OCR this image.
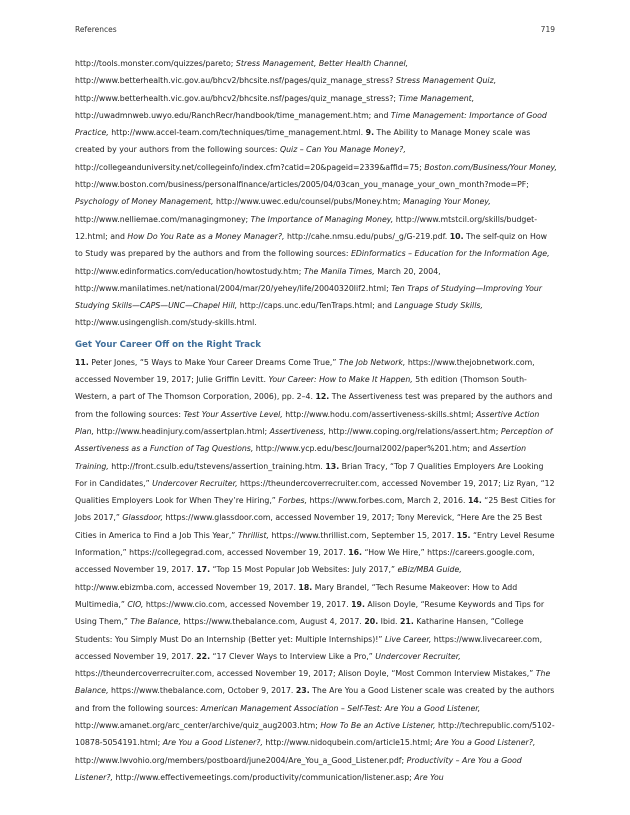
References	719

http://tools.monster.com/quizzes/pareto; Stress Management, Better Health Channel, http://www.betterhealth.vic.gov.au/bhcv2/bhcsite.nsf/pages/quiz_manage_stress? Stress Management Quiz, http://www.betterhealth.vic.gov.au/bhcv2/bhcsite.nsf/pages/quiz_manage_stress?; Time Management, http://uwadmnweb.uwyo.edu/RanchRecr/handbook/time_management.htm; and Time Management: Importance of Good Practice, http://www.accel-team.com/techniques/time_management.html. 9. The Ability to Manage Money scale was created by your authors from the following sources: Quiz – Can You Manage Money?, http://collegeanduniversity.net/collegeinfo/index.cfm?catid=20&pageid=2339&affid=75; Boston.com/Business/Your Money, http://www.boston.com/business/personalfinance/articles/2005/04/03can_you_manage_your_own_month?mode=PF; Psychology of Money Management, http://www.uwec.edu/counsel/pubs/Money.htm; Managing Your Money, http://www.nelliemae.com/managingmoney; The Importance of Managing Money, http://www.mtstcil.org/skills/budget-12.html; and How Do You Rate as a Money Manager?, http://cahe.nmsu.edu/pubs/_g/G-219.pdf. 10. The self-quiz on How to Study was prepared by the authors and from the following sources: EDinformatics – Education for the Information Age, http://www.edinformatics.com/education/howtostudy.htm; The Manila Times, March 20, 2004, http://www.manilatimes.net/national/2004/mar/20/yehey/life/20040320lif2.html; Ten Traps of Studying—Improving Your Studying Skills—CAPS—UNC—Chapel Hill, http://caps.unc.edu/TenTraps.html; and Language Study Skills, http://www.usingenglish.com/study-skills.html.

Get Your Career Off on the Right Track

11. Peter Jones, “5 Ways to Make Your Career Dreams Come True,” The Job Network, https://www.thejobnetwork.com, accessed November 19, 2017; Julie Griffin Levitt. Your Career: How to Make It Happen, 5th edition (Thomson South-Western, a part of The Thomson Corporation, 2006), pp. 2–4. 12. The Assertiveness test was prepared by the authors and from the following sources: Test Your Assertive Level, http://www.hodu.com/assertiveness-skills.shtml; Assertive Action Plan, http://www.headinjury.com/assertplan.html; Assertiveness, http://www.coping.org/relations/assert.htm; Perception of Assertiveness as a Function of Tag Questions, http://www.ycp.edu/besc/Journal2002/paper%201.htm; and Assertion Training, http://front.csulb.edu/tstevens/assertion_training.htm. 13. Brian Tracy, “Top 7 Qualities Employers Are Looking For in Candidates,” Undercover Recruiter, https://theundercoverrecruiter.com, accessed November 19, 2017; Liz Ryan, “12 Qualities Employers Look for When They’re Hiring,” Forbes, https://www.forbes.com, March 2, 2016. 14. “25 Best Cities for Jobs 2017,” Glassdoor, https://www.glassdoor.com, accessed November 19, 2017; Tony Merevick, “Here Are the 25 Best Cities in America to Find a Job This Year,” Thrillist, https://www.thrillist.com, September 15, 2017. 15. “Entry Level Resume Information,” https://collegegrad.com, accessed November 19, 2017. 16. “How We Hire,” https://careers.google.com, accessed November 19, 2017. 17. “Top 15 Most Popular Job Websites: July 2017,” eBiz/MBA Guide, http://www.ebizmba.com, accessed November 19, 2017. 18. Mary Brandel, “Tech Resume Makeover: How to Add Multimedia,” CIO, https://www.cio.com, accessed November 19, 2017. 19. Alison Doyle, “Resume Keywords and Tips for Using Them,” The Balance, https://www.thebalance.com, August 4, 2017. 20. Ibid. 21. Katharine Hansen, “College Students: You Simply Must Do an Internship (Better yet: Multiple Internships)!” Live Career, https://www.livecareer.com, accessed November 19, 2017. 22. “17 Clever Ways to Interview Like a Pro,” Undercover Recruiter, https://theundercoverrecruiter.com, accessed November 19, 2017; Alison Doyle, “Most Common Interview Mistakes,” The Balance, https://www.thebalance.com, October 9, 2017. 23. The Are You a Good Listener scale was created by the authors and from the following sources: American Management Association – Self-Test: Are You a Good Listener, http://www.amanet.org/arc_center/archive/quiz_aug2003.htm; How To Be an Active Listener, http://techrepublic.com/5102-10878-5054191.html; Are You a Good Listener?, http://www.nidoqubein.com/article15.html; Are You a Good Listener?, http://www.lwvohio.org/members/postboard/june2004/Are_You_a_Good_Listener.pdf; Productivity – Are You a Good Listener?, http://www.effectivemeetings.com/productivity/communication/listener.asp; Are You
